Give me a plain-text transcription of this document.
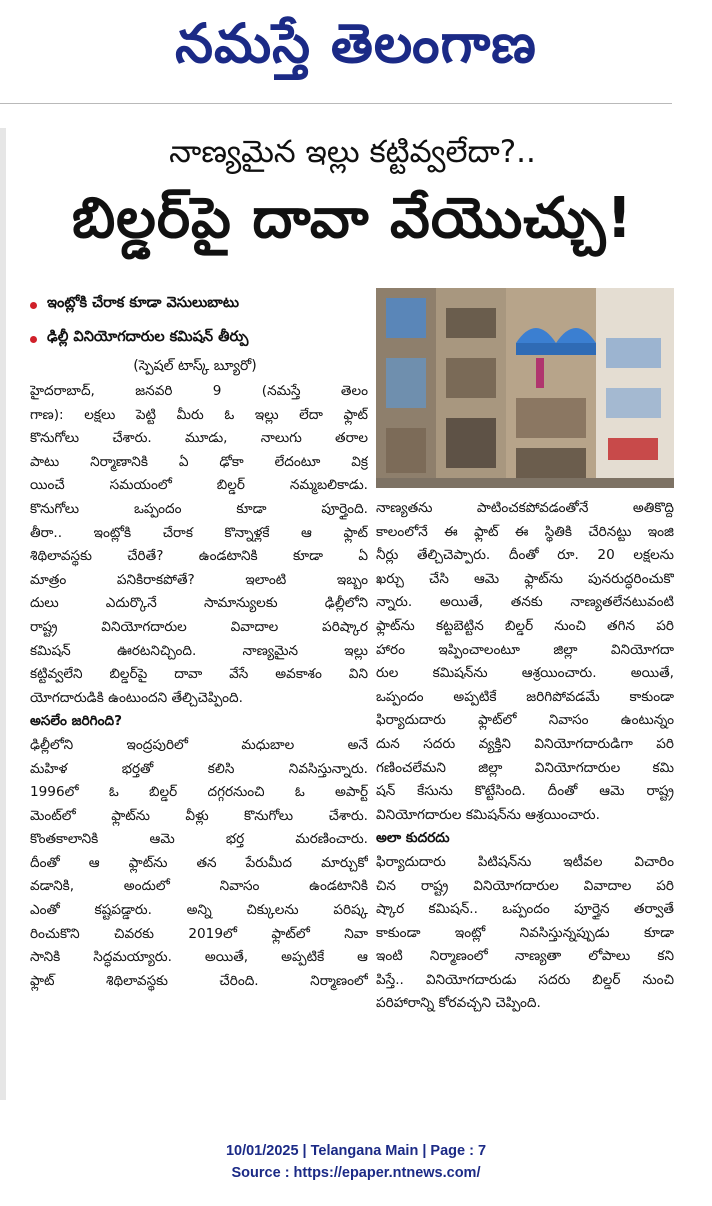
నమస్తే తెలంగాణ
నాణ్యమైన ఇల్లు కట్టివ్వలేదా?..
బిల్డర్‌పై దావా వేయొచ్చు!
ఇంట్లోకి చేరాక కూడా వెసులుబాటు
ఢిల్లీ వినియోగదారుల కమిషన్ తీర్పు
(స్పెషల్ టాస్క్ బ్యూరో)
హైదరాబాద్, జనవరి 9 (నమస్తే తెలం
గాణ): లక్షలు పెట్టి మీరు ఓ ఇల్లు లేదా ఫ్లాట్
కొనుగోలు చేశారు. మూడు, నాలుగు తరాల
పాటు నిర్మాణానికి ఏ ఢోకా లేదంటూ విక్ర
యించే సమయంలో బిల్డర్ నమ్మబలికాడు.
కొనుగోలు ఒప్పందం కూడా పూర్తైంది.
తీరా.. ఇంట్లోకి చేరాక కొన్నాళ్లకే ఆ ఫ్లాట్
శిథిలావస్థకు చేరితే? ఉండటానికి కూడా ఏ
మాత్రం పనికిరాకపోతే? ఇలాంటి ఇబ్బం
దులు ఎదుర్కొనే సామాన్యులకు ఢిల్లీలోని
రాష్ట్ర వినియోగదారుల వివాదాల పరిష్కార
కమిషన్ ఊరటనిచ్చింది. నాణ్యమైన ఇల్లు
కట్టివ్వలేని బిల్డర్‌పై దావా వేసే అవకాశం విని
యోగదారుడికి ఉంటుందని తేల్చిచెప్పింది.
అసలేం జరిగింది?
ఢిల్లీలోని ఇంద్రపురిలో మధుబాల అనే
మహిళ భర్తతో కలిసి నివసిస్తున్నారు.
1996లో ఓ బిల్డర్ దగ్గరనుంచి ఓ అపార్ట్
మెంట్‌లో ఫ్లాట్‌ను వీళ్లు కొనుగోలు చేశారు.
కొంతకాలానికి ఆమె భర్త మరణించారు.
దీంతో ఆ ఫ్లాట్‌ను తన పేరుమీద మార్చుకో
వడానికి, అందులో నివాసం ఉండటానికి
ఎంతో కష్టపడ్డారు. అన్ని చిక్కులను పరిష్క
రించుకొని చివరకు 2019లో ఫ్లాట్‌లో నివా
సానికి సిద్ధమయ్యారు. అయితే, అప్పటికే ఆ
ఫ్లాట్ శిథిలావస్థకు చేరింది. నిర్మాణంలో
నాణ్యతను పాటించకపోవడంతోనే అతికొద్ది
కాలంలోనే ఈ ఫ్లాట్ ఈ స్థితికి చేరినట్టు ఇంజి
నీర్లు తేల్చిచెప్పారు. దీంతో రూ. 20 లక్షలను
ఖర్చు చేసి ఆమె ఫ్లాట్‌ను పునరుద్ధరించుకొ
న్నారు. అయితే, తనకు నాణ్యతలేనటువంటి
ఫ్లాట్‌ను కట్టబెట్టిన బిల్డర్ నుంచి తగిన పరి
హారం ఇప్పించాలంటూ జిల్లా వినియోగదా
రుల కమిషన్‌ను ఆశ్రయించారు. అయితే,
ఒప్పందం అప్పటికే జరిగిపోవడమే కాకుండా
ఫిర్యాదుదారు ఫ్లాట్‌లో నివాసం ఉంటున్నం
దున సదరు వ్యక్తిని వినియోగదారుడిగా పరి
గణించలేమని జిల్లా వినియోగదారుల కమి
షన్ కేసును కొట్టేసింది. దీంతో ఆమె రాష్ట్ర
వినియోగదారుల కమిషన్‌ను ఆశ్రయించారు.
అలా కుదరదు
ఫిర్యాదుదారు పిటిషన్‌ను ఇటీవల విచారిం
చిన రాష్ట్ర వినియోగదారుల వివాదాల పరి
ష్కార కమిషన్.. ఒప్పందం పూర్తైన తర్వాతే
కాకుండా ఇంట్లో నివసిస్తున్నప్పుడు కూడా
ఇంటి నిర్మాణంలో నాణ్యతా లోపాలు కని
పిస్తే.. వినియోగదారుడు సదరు బిల్డర్ నుంచి
పరిహారాన్ని కోరవచ్చని చెప్పింది.
10/01/2025 | Telangana Main | Page : 7
Source : https://epaper.ntnews.com/
